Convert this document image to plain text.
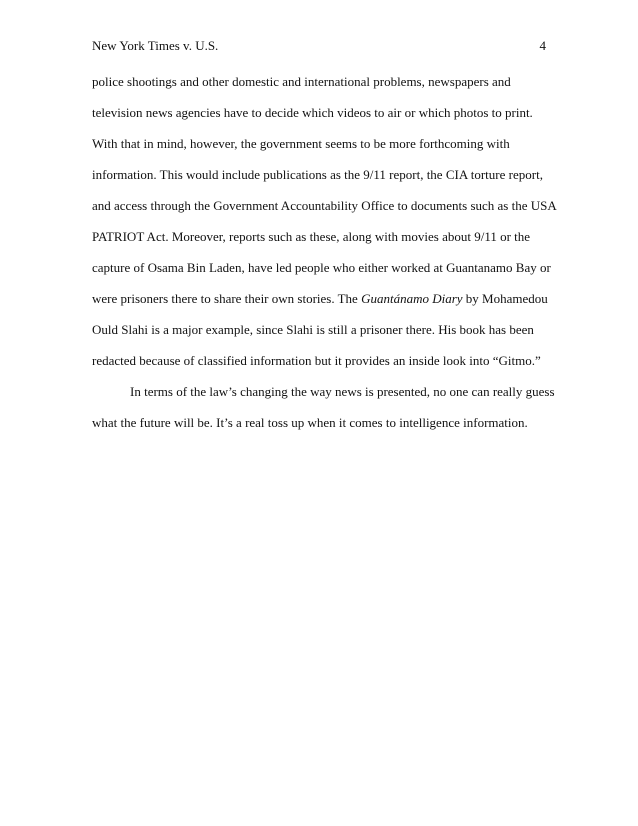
New York Times v. U.S.	4
police shootings and other domestic and international problems, newspapers and
television news agencies have to decide which videos to air or which photos to print.
With that in mind, however, the government seems to be more forthcoming with
information. This would include publications as the 9/11 report, the CIA torture report,
and access through the Government Accountability Office to documents such as the USA
PATRIOT Act. Moreover, reports such as these, along with movies about 9/11 or the
capture of Osama Bin Laden, have led people who either worked at Guantanamo Bay or
were prisoners there to share their own stories. The Guantánamo Diary by Mohamedou
Ould Slahi is a major example, since Slahi is still a prisoner there. His book has been
redacted because of classified information but it provides an inside look into “Gitmo.”
In terms of the law’s changing the way news is presented, no one can really guess
what the future will be. It’s a real toss up when it comes to intelligence information.
